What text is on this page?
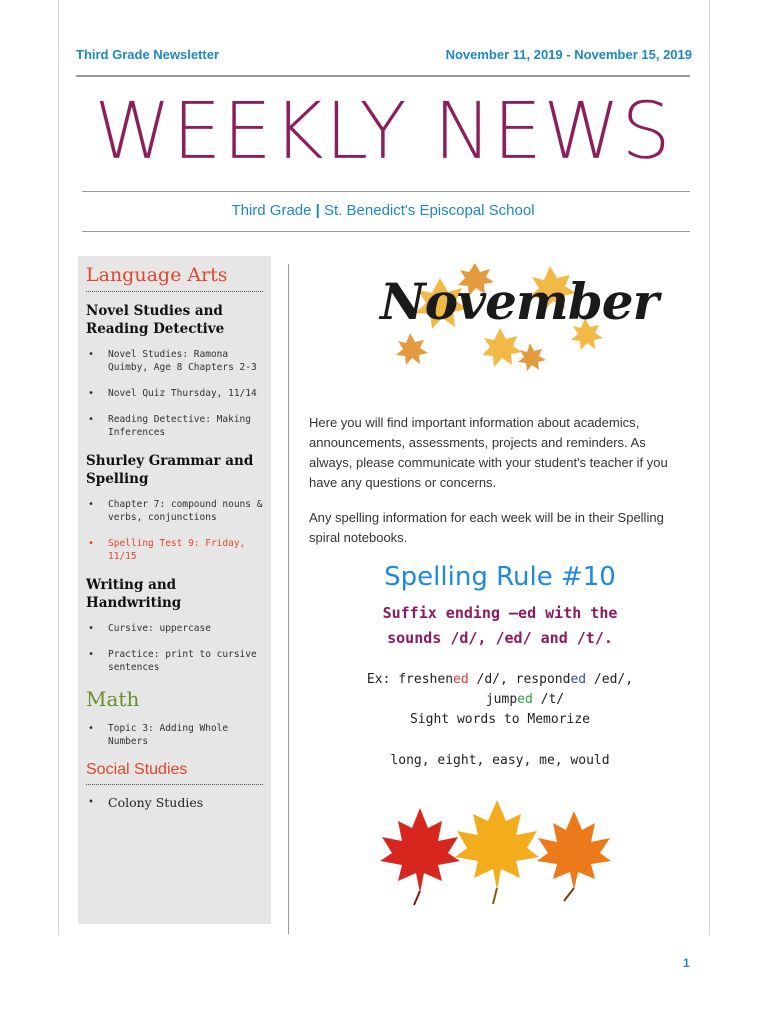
Third Grade Newsletter	November 11, 2019 - November 15, 2019
WEEKLY NEWS
Third Grade | St. Benedict's Episcopal School
Language Arts
Novel Studies and Reading Detective
• Novel Studies: Ramona Quimby, Age 8 Chapters 2-3
• Novel Quiz Thursday, 11/14
• Reading Detective: Making Inferences
Shurley Grammar and Spelling
• Chapter 7: compound nouns & verbs, conjunctions
• Spelling Test 9: Friday, 11/15
Writing and Handwriting
• Cursive: uppercase
• Practice: print to cursive sentences
Math
• Topic 3: Adding Whole Numbers
Social Studies
• Colony Studies
November

Here you will find important information about academics, announcements, assessments, projects and reminders. As always, please communicate with your student's teacher if you have any questions or concerns.

Any spelling information for each week will be in their Spelling spiral notebooks.

Spelling Rule #10
Suffix ending –ed with the
sounds /d/, /ed/ and /t/.
Ex: freshened /d/, responded /ed/,
jumped /t/
Sight words to Memorize
long, eight, easy, me, would
1
